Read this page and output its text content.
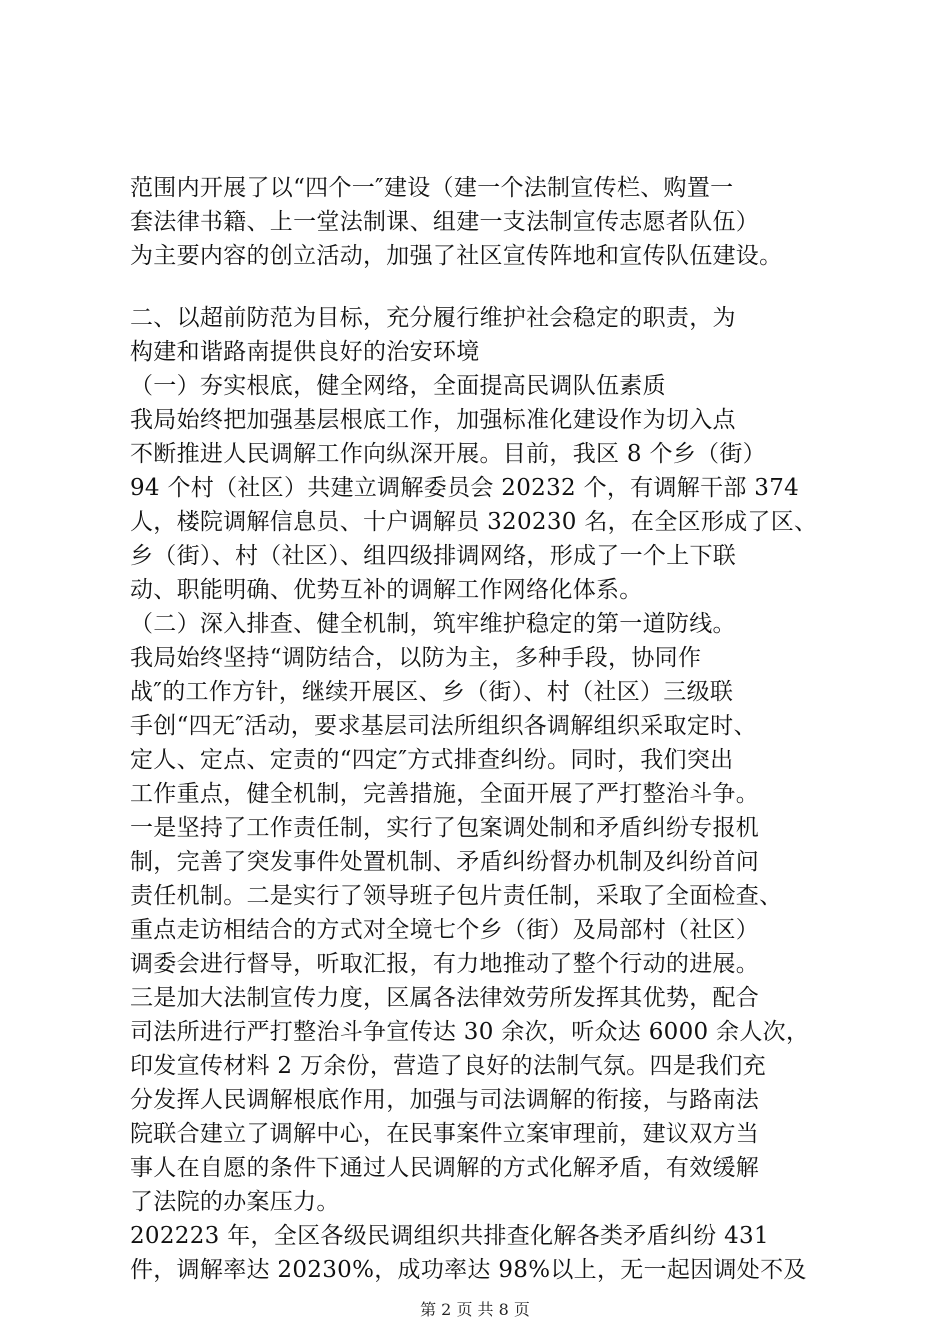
范围内开展了以“四个一″建设（建一个法制宣传栏、购置一
套法律书籍、上一堂法制课、组建一支法制宣传志愿者队伍）
为主要内容的创立活动，加强了社区宣传阵地和宣传队伍建设。
二、以超前防范为目标，充分履行维护社会稳定的职责，为
构建和谐路南提供良好的治安环境
（一）夯实根底，健全网络，全面提高民调队伍素质
我局始终把加强基层根底工作，加强标准化建设作为切入点
不断推进人民调解工作向纵深开展。目前，我区 8 个乡（街）
94 个村（社区）共建立调解委员会 20232 个，有调解干部 374
人，楼院调解信息员、十户调解员 320230 名，在全区形成了区、
乡（街）、村（社区）、组四级排调网络，形成了一个上下联
动、职能明确、优势互补的调解工作网络化体系。
（二）深入排查、健全机制，筑牢维护稳定的第一道防线。
我局始终坚持“调防结合，以防为主，多种手段，协同作
战″的工作方针，继续开展区、乡（街）、村（社区）三级联
手创“四无″活动，要求基层司法所组织各调解组织采取定时、
定人、定点、定责的“四定″方式排查纠纷。同时，我们突出
工作重点，健全机制，完善措施，全面开展了严打整治斗争。
一是坚持了工作责任制，实行了包案调处制和矛盾纠纷专报机
制，完善了突发事件处置机制、矛盾纠纷督办机制及纠纷首问
责任机制。二是实行了领导班子包片责任制，采取了全面检查、
重点走访相结合的方式对全境七个乡（街）及局部村（社区）
调委会进行督导，听取汇报，有力地推动了整个行动的进展。
三是加大法制宣传力度，区属各法律效劳所发挥其优势，配合
司法所进行严打整治斗争宣传达 30 余次，听众达 6000 余人次，
印发宣传材料 2 万余份，营造了良好的法制气氛。四是我们充
分发挥人民调解根底作用，加强与司法调解的衔接，与路南法
院联合建立了调解中心，在民事案件立案审理前，建议双方当
事人在自愿的条件下通过人民调解的方式化解矛盾，有效缓解
了法院的办案压力。
202223 年，全区各级民调组织共排查化解各类矛盾纠纷 431
件，调解率达 20230%，成功率达 98%以上，无一起因调处不及
第 2 页 共 8 页
